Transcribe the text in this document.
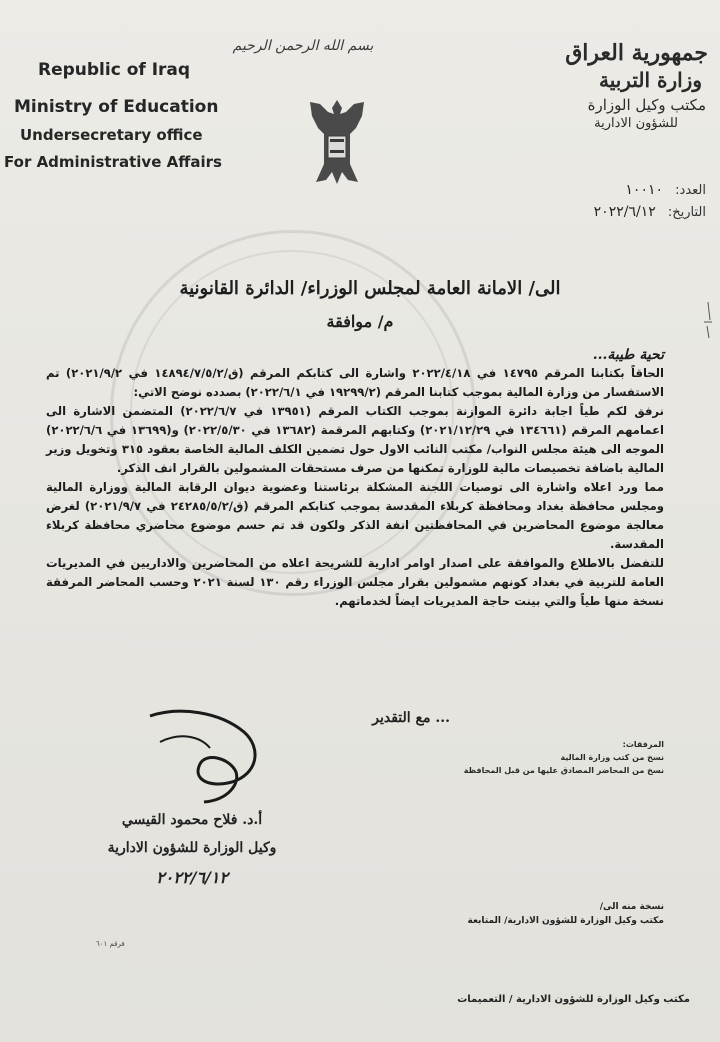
Republic of Iraq
Ministry of Education
Undersecretary office
For Administrative Affairs
بسم الله الرحمن الرحيم	جمهورية العراق
وزارة التربية
مكتب وكيل الوزارة
للشؤون الادارية
العدد: ١٠٠١٠
التاريخ: ٢٠٢٢/٦/١٢
الى/ الامانة العامة لمجلس الوزراء/ الدائرة القانونية
م/ موافقة

تحية طيبة...

الحاقاً بكتابنا المرقم ١٤٧٩٥ في ٢٠٢٢/٤/١٨ واشارة الى كتابكم المرقم (ق/١٤٨٩٤/٧/٥/٢ في ٢٠٢١/٩/٢) تم الاستفسار من وزارة المالية بموجب كتابنا المرقم (١٩٢٩٩/٢ في ٢٠٢٢/٦/١) بصدده نوضح الاتي:

نرفق لكم طياً اجابة دائرة الموازنة بموجب الكتاب المرقم (١٣٩٥١ في ٢٠٢٢/٦/٧) المتضمن الاشارة الى اعمامهم المرقم (١٣٤٦٦١ في ٢٠٢١/١٢/٢٩) وكتابهم المرقمة (١٣٦٨٢ في ٢٠٢٢/٥/٣٠) و(١٣٦٩٩ في ٢٠٢٢/٦/٦) الموجه الى هيئة مجلس النواب/ مكتب النائب الاول حول تضمين الكلف المالية الخاصة بعقود ٣١٥ وتخويل وزير المالية باضافة تخصيصات مالية للوزارة تمكنها من صرف مستحقات المشمولين بالقرار انف الذكر.

مما ورد اعلاه واشارة الى توصيات اللجنة المشكلة برئاستنا وعضوية ديوان الرقابة المالية ووزارة المالية ومجلس محافظة بغداد ومحافظة كربلاء المقدسة بموجب كتابكم المرقم (ق/٢٤٢٨٥/٥/٢ في ٢٠٢١/٩/٧) لغرض معالجة موضوع المحاضرين في المحافظتين انفة الذكر ولكون قد تم حسم موضوع محاضري محافظة كربلاء المقدسة.

للتفضل بالاطلاع والموافقة على اصدار اوامر ادارية للشريحة اعلاه من المحاضرين والاداريين في المديريات العامة للتربية في بغداد كونهم مشمولين بقرار مجلس الوزراء رقم ١٣٠ لسنة ٢٠٢١ وحسب المحاضر المرفقة نسخة منها طياً والتي بينت حاجة المديريات ايضاً لخدماتهم.

... مع التقدير
المرفقات:
نسخ من كتب وزارة المالية
نسخ من المحاضر المصادق عليها من قبل المحافظة
أ.د. فلاح محمود القيسي
وكيل الوزارة للشؤون الادارية
٢٠٢٢/٦/١٢
نسخة منه الى/
مكتب وكيل الوزارة للشؤون الادارية/ المتابعة
فرقم ٦٠١
مكتب وكيل الوزارة للشؤون الادارية / التعميمات
